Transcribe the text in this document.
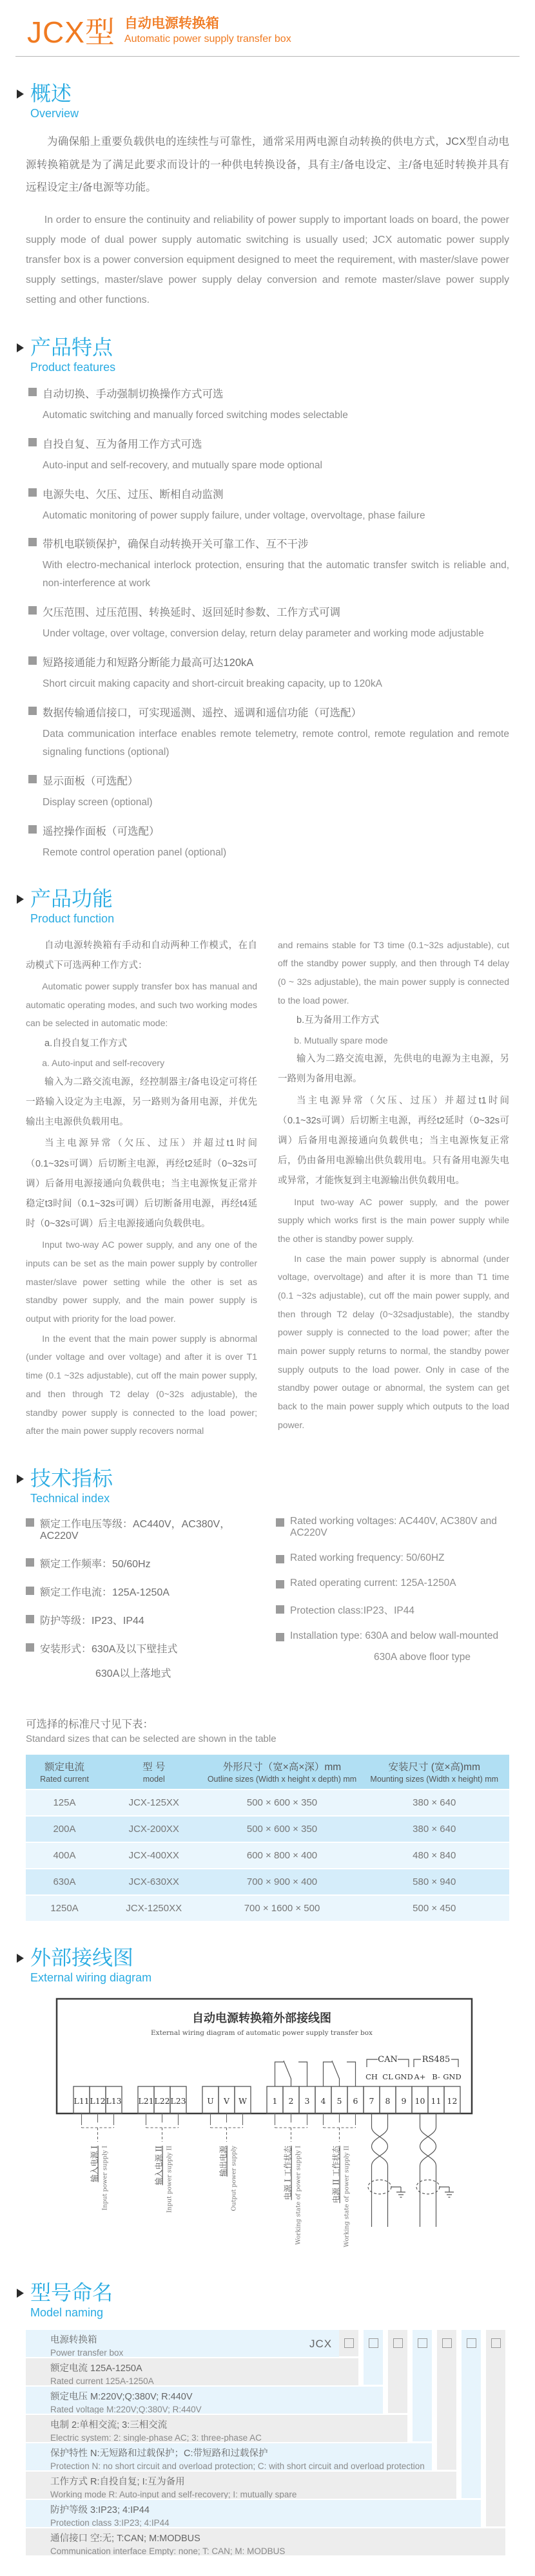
JCX型 自动电源转换箱
Automatic power supply transfer box
概述
Overview

为确保船上重要负载供电的连续性与可靠性，通常采用两电源自动转换的供电方式，JCX型自动电源转换箱就是为了满足此要求而设计的一种供电转换设备，具有主/备电设定、主/备电延时转换并具有远程设定主/备电源等功能。

In order to ensure the continuity and reliability of power supply to important loads on board, the power supply mode of dual power supply automatic switching is usually used; JCX automatic power supply transfer box is a power conversion equipment designed to meet the requirement, with master/slave power supply settings, master/slave power supply delay conversion and remote master/slave power supply setting and other functions.

产品特点
Product features
自动切换、手动强制切换操作方式可选
Automatic switching and manually forced switching modes selectable
自投自复、互为备用工作方式可选
Auto-input and self-recovery, and mutually spare mode optional
电源失电、欠压、过压、断相自动监测
Automatic monitoring of power supply failure, under voltage, overvoltage, phase failure
带机电联锁保护，确保自动转换开关可靠工作、互不干涉
With electro-mechanical interlock protection, ensuring that the automatic transfer switch is reliable and, non-interference at work
欠压范围、过压范围、转换延时、返回延时参数、工作方式可调
Under voltage, over voltage, conversion delay, return delay parameter and working mode adjustable
短路接通能力和短路分断能力最高可达120kA
Short circuit making capacity and short-circuit breaking capacity, up to 120kA
数据传输通信接口，可实现遥测、遥控、遥调和遥信功能（可选配）
Data communication interface enables remote telemetry, remote control, remote regulation and remote signaling functions (optional)
显示面板（可选配）
Display screen (optional)
遥控操作面板（可选配）
Remote control operation panel (optional)
产品功能
Product function

自动电源转换箱有手动和自动两种工作模式，在自动模式下可选两种工作方式：

Automatic power supply transfer box has manual and automatic operating modes, and such two working modes can be selected in automatic mode:

a.自投自复工作方式

a. Auto-input and self-recovery

输入为二路交流电源，经控制器主/备电设定可将任一路输入设定为主电源，另一路则为备用电源，并优先输出主电源供负载用电。

当主电源异常（欠压、过压）并超过t1时间（0.1~32s可调）后切断主电源，再经t2延时（0~32s可调）后备用电源接通向负载供电；当主电源恢复正常并稳定t3时间（0.1~32s可调）后切断备用电源，再经t4延时（0~32s可调）后主电源接通向负载供电。

Input two-way AC power supply, and any one of the inputs can be set as the main power supply by controller master/slave power setting while the other is set as standby power supply, and the main power supply is output with priority for the load power.

In the event that the main power supply is abnormal (under voltage and over voltage) and after it is over T1 time (0.1 ~32s adjustable), cut off the main power supply, and then through T2 delay (0~32s adjustable), the standby power supply is connected to the load power; after the main power supply recovers normal

and remains stable for T3 time (0.1~32s adjustable), cut off the standby power supply, and then through T4 delay (0 ~ 32s adjustable), the main power supply is connected to the load power.

b.互为备用工作方式

b. Mutually spare mode

输入为二路交流电源，先供电的电源为主电源，另一路则为备用电源。

当主电源异常（欠压、过压）并超过t1时间（0.1~32s可调）后切断主电源，再经t2延时（0~32s可调）后备用电源接通向负载供电；当主电源恢复正常后，仍由备用电源输出供负载用电。只有备用电源失电或异常，才能恢复到主电源输出供负载用电。

Input two-way AC power supply, and the power supply which works first is the main power supply while the other is standby power supply.

In case the main power supply is abnormal (under voltage, overvoltage) and after it is more than T1 time (0.1 ~32s adjustable), cut off the main power supply, and then through T2 delay (0~32sadjustable), the standby power supply is connected to the load power; after the main power supply returns to normal, the standby power supply outputs to the load power. Only in case of the standby power outage or abnormal, the system can get back to the main power supply which outputs to the load power.

技术指标
Technical index
额定工作电压等级：AC440V，AC380V，AC220V
额定工作频率：50/60Hz
额定工作电流：125A-1250A
防护等级：IP23、IP44
安装形式：630A及以下壁挂式
630A以上落地式
Rated working voltages: AC440V, AC380V and AC220V
Rated working frequency: 50/60HZ
Rated operating current: 125A-1250A
Protection class:IP23、IP44
Installation type: 630A and below wall-mounted
630A above floor type
可选择的标准尺寸见下表：
Standard sizes that can be selected are shown in the table
额定电流
Rated current

型 号
model

外形尺寸（宽×高×深）mm
Outline sizes (Width x height x depth) mm

安装尺寸 (宽×高)mm
Mounting sizes (Width x height) mm

125A	JCX-125XX	500 × 600 × 350	380 × 640
200A	JCX-200XX	500 × 600 × 350	380 × 640
400A	JCX-400XX	600 × 800 × 400	480 × 840
630A	JCX-630XX	700 × 900 × 400	580 × 940
1250A	JCX-1250XX	700 × 1600 × 500	500 × 450
外部接线图
External wiring diagram
自动电源转换箱外部接线图
External wiring diagram of automatic power supply transfer box
L11 L12 L13 L21 L22 L23	U V W	1 2 3 4 5 6 7 8 9 10 11 12
CH CL GND A+ B- GND
CAN	RS485
输入电源 I Input power supply I	输入电源 II Input power supply II	输出电源 Output power supply	电源 I 工作状态 Working state of power supply I	电源 II 工作状态 Working state of power supply II
型号命名
Model naming
电源转换箱
Power transfer box
额定电流 125A-1250A
Rated current 125A-1250A
额定电压 M:220V;Q:380V; R:440V
Rated voltage M:220V;Q:380V; R:440V
电制 2:单相交流; 3:三相交流
Electric system: 2: single-phase AC; 3: three-phase AC
保护特性 N:无短路和过载保护；C:带短路和过载保护
Protection N: no short circuit and overload protection; C: with short circuit and overload protection
工作方式 R:自投自复; I:互为备用
Working mode R: Auto-input and self-recovery; I: mutually spare
防护等级 3:IP23; 4:IP44
Protection class 3:IP23; 4:IP44
通信接口 空:无; T:CAN; M:MODBUS
Communication interface Empty: none; T: CAN; M: MODBUS
JCX
